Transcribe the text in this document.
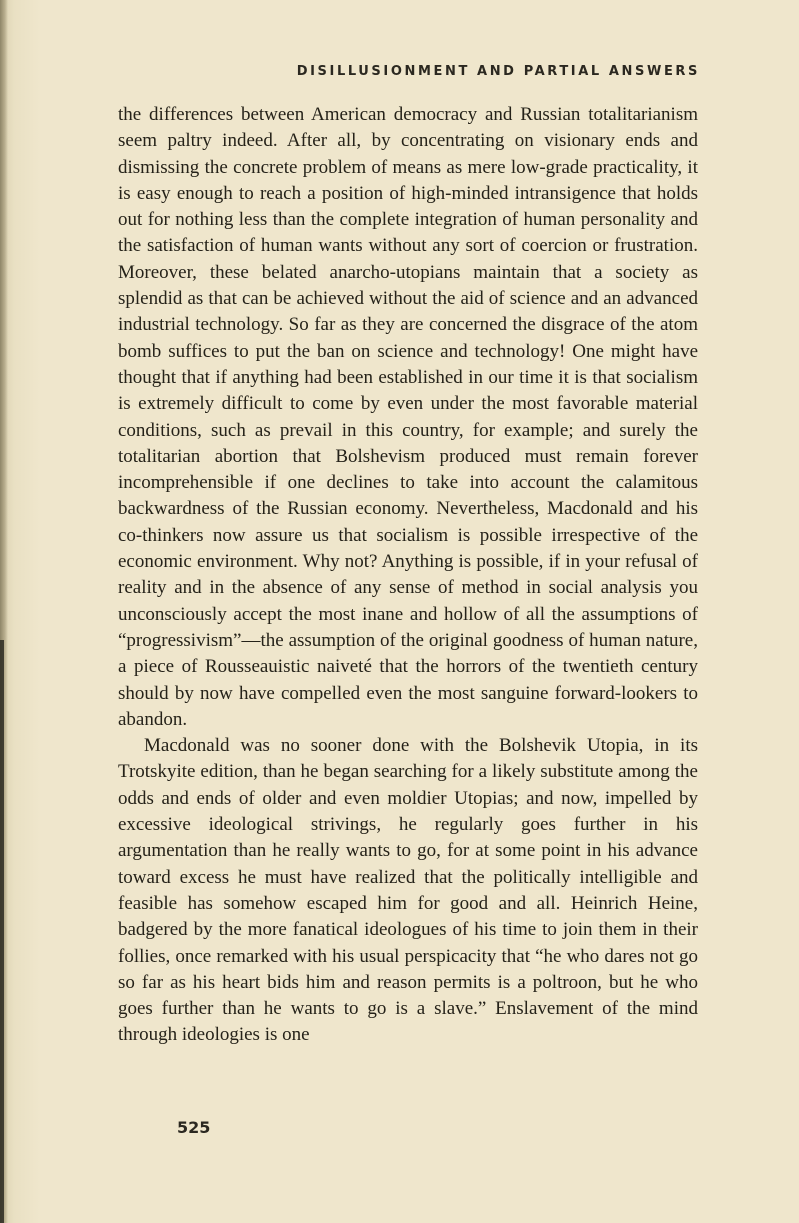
DISILLUSIONMENT AND PARTIAL ANSWERS

the differences between American democracy and Russian totalitarianism seem paltry indeed. After all, by concentrating on visionary ends and dismissing the concrete problem of means as mere low-grade practicality, it is easy enough to reach a position of high-minded intransigence that holds out for nothing less than the complete integration of human personality and the satisfaction of human wants without any sort of coercion or frustration. Moreover, these belated anarcho-utopians maintain that a society as splendid as that can be achieved without the aid of science and an advanced industrial technology. So far as they are concerned the disgrace of the atom bomb suffices to put the ban on science and technology! One might have thought that if anything had been established in our time it is that socialism is extremely difficult to come by even under the most favorable material conditions, such as prevail in this country, for example; and surely the totalitarian abortion that Bolshevism produced must remain forever incomprehensible if one declines to take into account the calamitous backwardness of the Russian economy. Nevertheless, Macdonald and his co-thinkers now assure us that socialism is possible irrespective of the economic environment. Why not? Anything is possible, if in your refusal of reality and in the absence of any sense of method in social analysis you unconsciously accept the most inane and hollow of all the assumptions of “progressivism”—the assumption of the original goodness of human nature, a piece of Rousseauistic naiveté that the horrors of the twentieth century should by now have compelled even the most sanguine forward-lookers to abandon.

Macdonald was no sooner done with the Bolshevik Utopia, in its Trotskyite edition, than he began searching for a likely substitute among the odds and ends of older and even moldier Utopias; and now, impelled by excessive ideological strivings, he regularly goes further in his argumentation than he really wants to go, for at some point in his advance toward excess he must have realized that the politically intelligible and feasible has somehow escaped him for good and all. Heinrich Heine, badgered by the more fanatical ideologues of his time to join them in their follies, once remarked with his usual perspicacity that “he who dares not go so far as his heart bids him and reason permits is a poltroon, but he who goes further than he wants to go is a slave.” Enslavement of the mind through ideologies is one

525
